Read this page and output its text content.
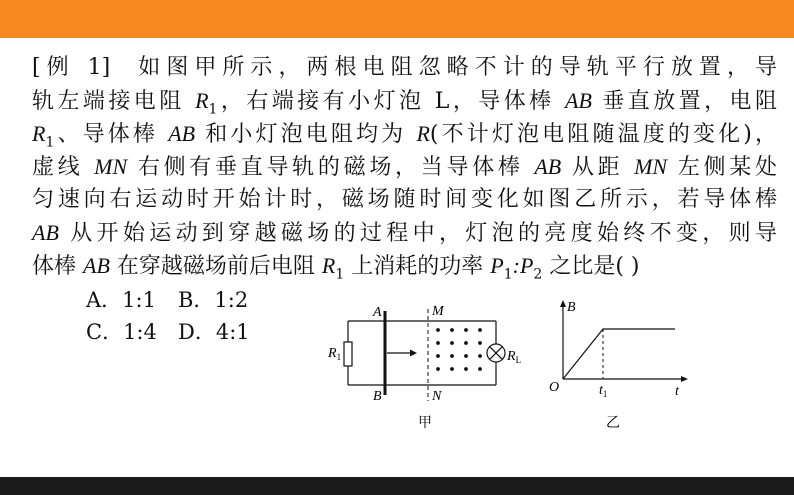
[例 1]  如图甲所示，两根电阻忽略不计的导轨平行放置，导
轨左端接电阻 $R_1$，右端接有小灯泡 L，导体棒 AB 垂直放置，电阻
$R_1$、导体棒 AB 和小灯泡电阻均为 R(不计灯泡电阻随温度的变化)，
虚线 MN 右侧有垂直导轨的磁场，当导体棒 AB 从距 MN 左侧某处
匀速向右运动时开始计时，磁场随时间变化如图乙所示，若导体棒
AB 从开始运动到穿越磁场的过程中，灯泡的亮度始终不变，则导
体棒 AB 在穿越磁场前后电阻 $R_1$ 上消耗的功率 $P_1:P_2$ 之比是( )
A．1:1 B．1:2
C．1:4 D．4:1
A
B
M
N
$R_1$	$R_L$
甲
B
t
O	$t_1$
乙
